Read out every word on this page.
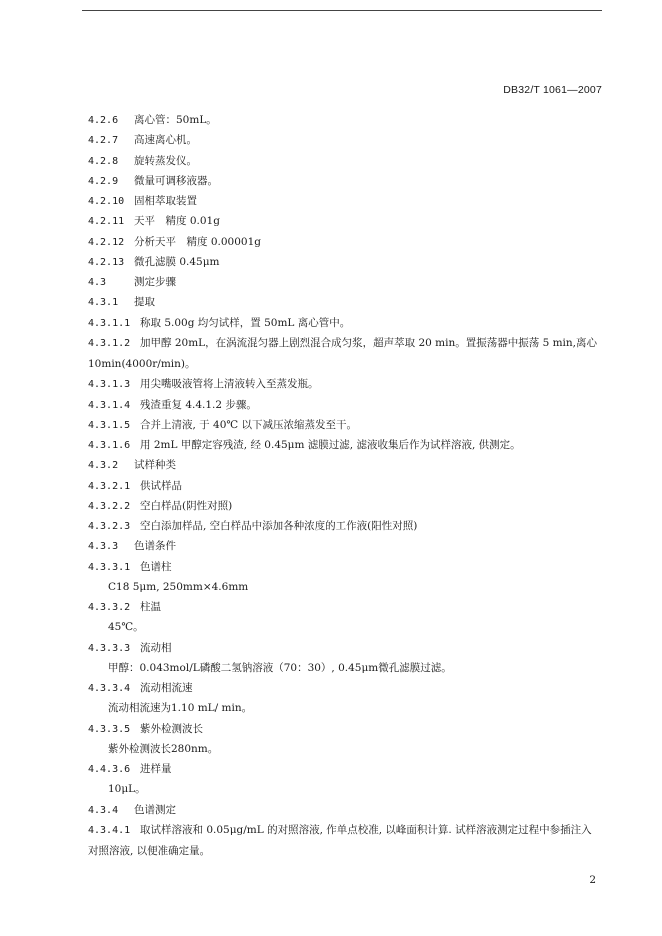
DB32/T 1061—2007
4.2.6 离心管：50mL。
4.2.7 高速离心机。
4.2.8 旋转蒸发仪。
4.2.9 微量可调移液器。
4.2.10 固相萃取装置
4.2.11 天平　精度 0.01g
4.2.12 分析天平　精度 0.00001g
4.2.13 微孔滤膜 0.45μm
4.3	测定步骤
4.3.1 提取
4.3.1.1 称取 5.00g 均匀试样，置 50mL 离心管中。
4.3.1.2 加甲醇 20mL，在涡流混匀器上剧烈混合成匀浆，超声萃取 20 min。置振荡器中振荡 5 min,离心 10min(4000r/min)。
4.3.1.3 用尖嘴吸液管将上清液转入至蒸发瓶。
4.3.1.4 残渣重复 4.4.1.2 步骤。
4.3.1.5 合并上清液, 于 40℃ 以下减压浓缩蒸发至干。
4.3.1.6 用 2mL 甲醇定容残渣, 经 0.45μm 滤膜过滤, 滤液收集后作为试样溶液, 供测定。
4.3.2 试样种类
4.3.2.1 供试样品
4.3.2.2 空白样品(阴性对照)
4.3.2.3 空白添加样品, 空白样品中添加各种浓度的工作液(阳性对照)
4.3.3 色谱条件
4.3.3.1 色谱柱
C18 5μm, 250mm×4.6mm
4.3.3.2 柱温
45℃。
4.3.3.3 流动相
甲醇：0.043mol/L磷酸二氢钠溶液（70：30）, 0.45μm微孔滤膜过滤。
4.3.3.4 流动相流速
流动相流速为1.10 mL/ min。
4.3.3.5 紫外检测波长
紫外检测波长280nm。
4.4.3.6 进样量
10μL。
4.3.4 色谱测定
4.3.4.1 取试样溶液和 0.05μg/mL 的对照溶液, 作单点校准, 以峰面积计算. 试样溶液测定过程中参插注入对照溶液, 以便准确定量。
2
